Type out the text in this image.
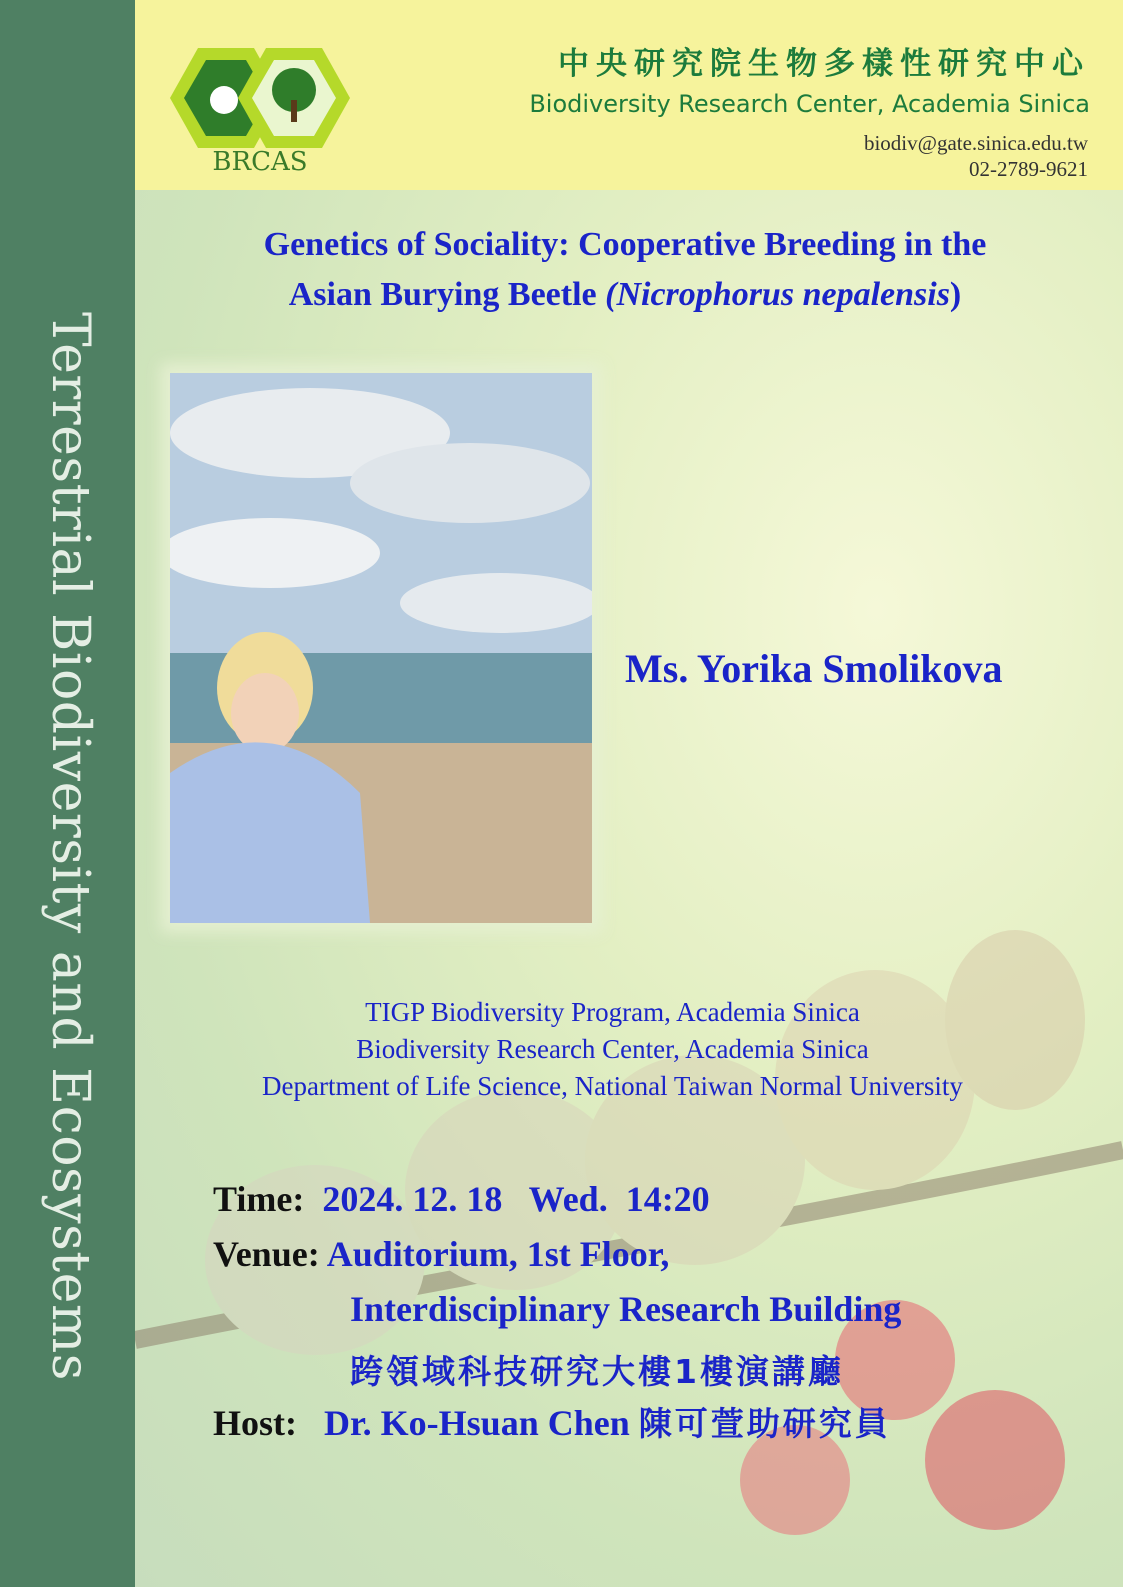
Terrestrial Biodiversity and Ecosystems
BRCAS
中央研究院生物多樣性研究中心
Biodiversity Research Center, Academia Sinica
biodiv@gate.sinica.edu.tw
02-2789-9621
Genetics of Sociality: Cooperative Breeding in the
Asian Burying Beetle (Nicrophorus nepalensis)
Ms. Yorika Smolikova
TIGP Biodiversity Program, Academia Sinica
Biodiversity Research Center, Academia Sinica
Department of Life Science, National Taiwan Normal University
Time: 2024. 12. 18   Wed.  14:20
Venue: Auditorium, 1st Floor,
Interdisciplinary Research Building
跨領域科技研究大樓1樓演講廳
Host: Dr. Ko-Hsuan Chen 陳可萱助研究員
